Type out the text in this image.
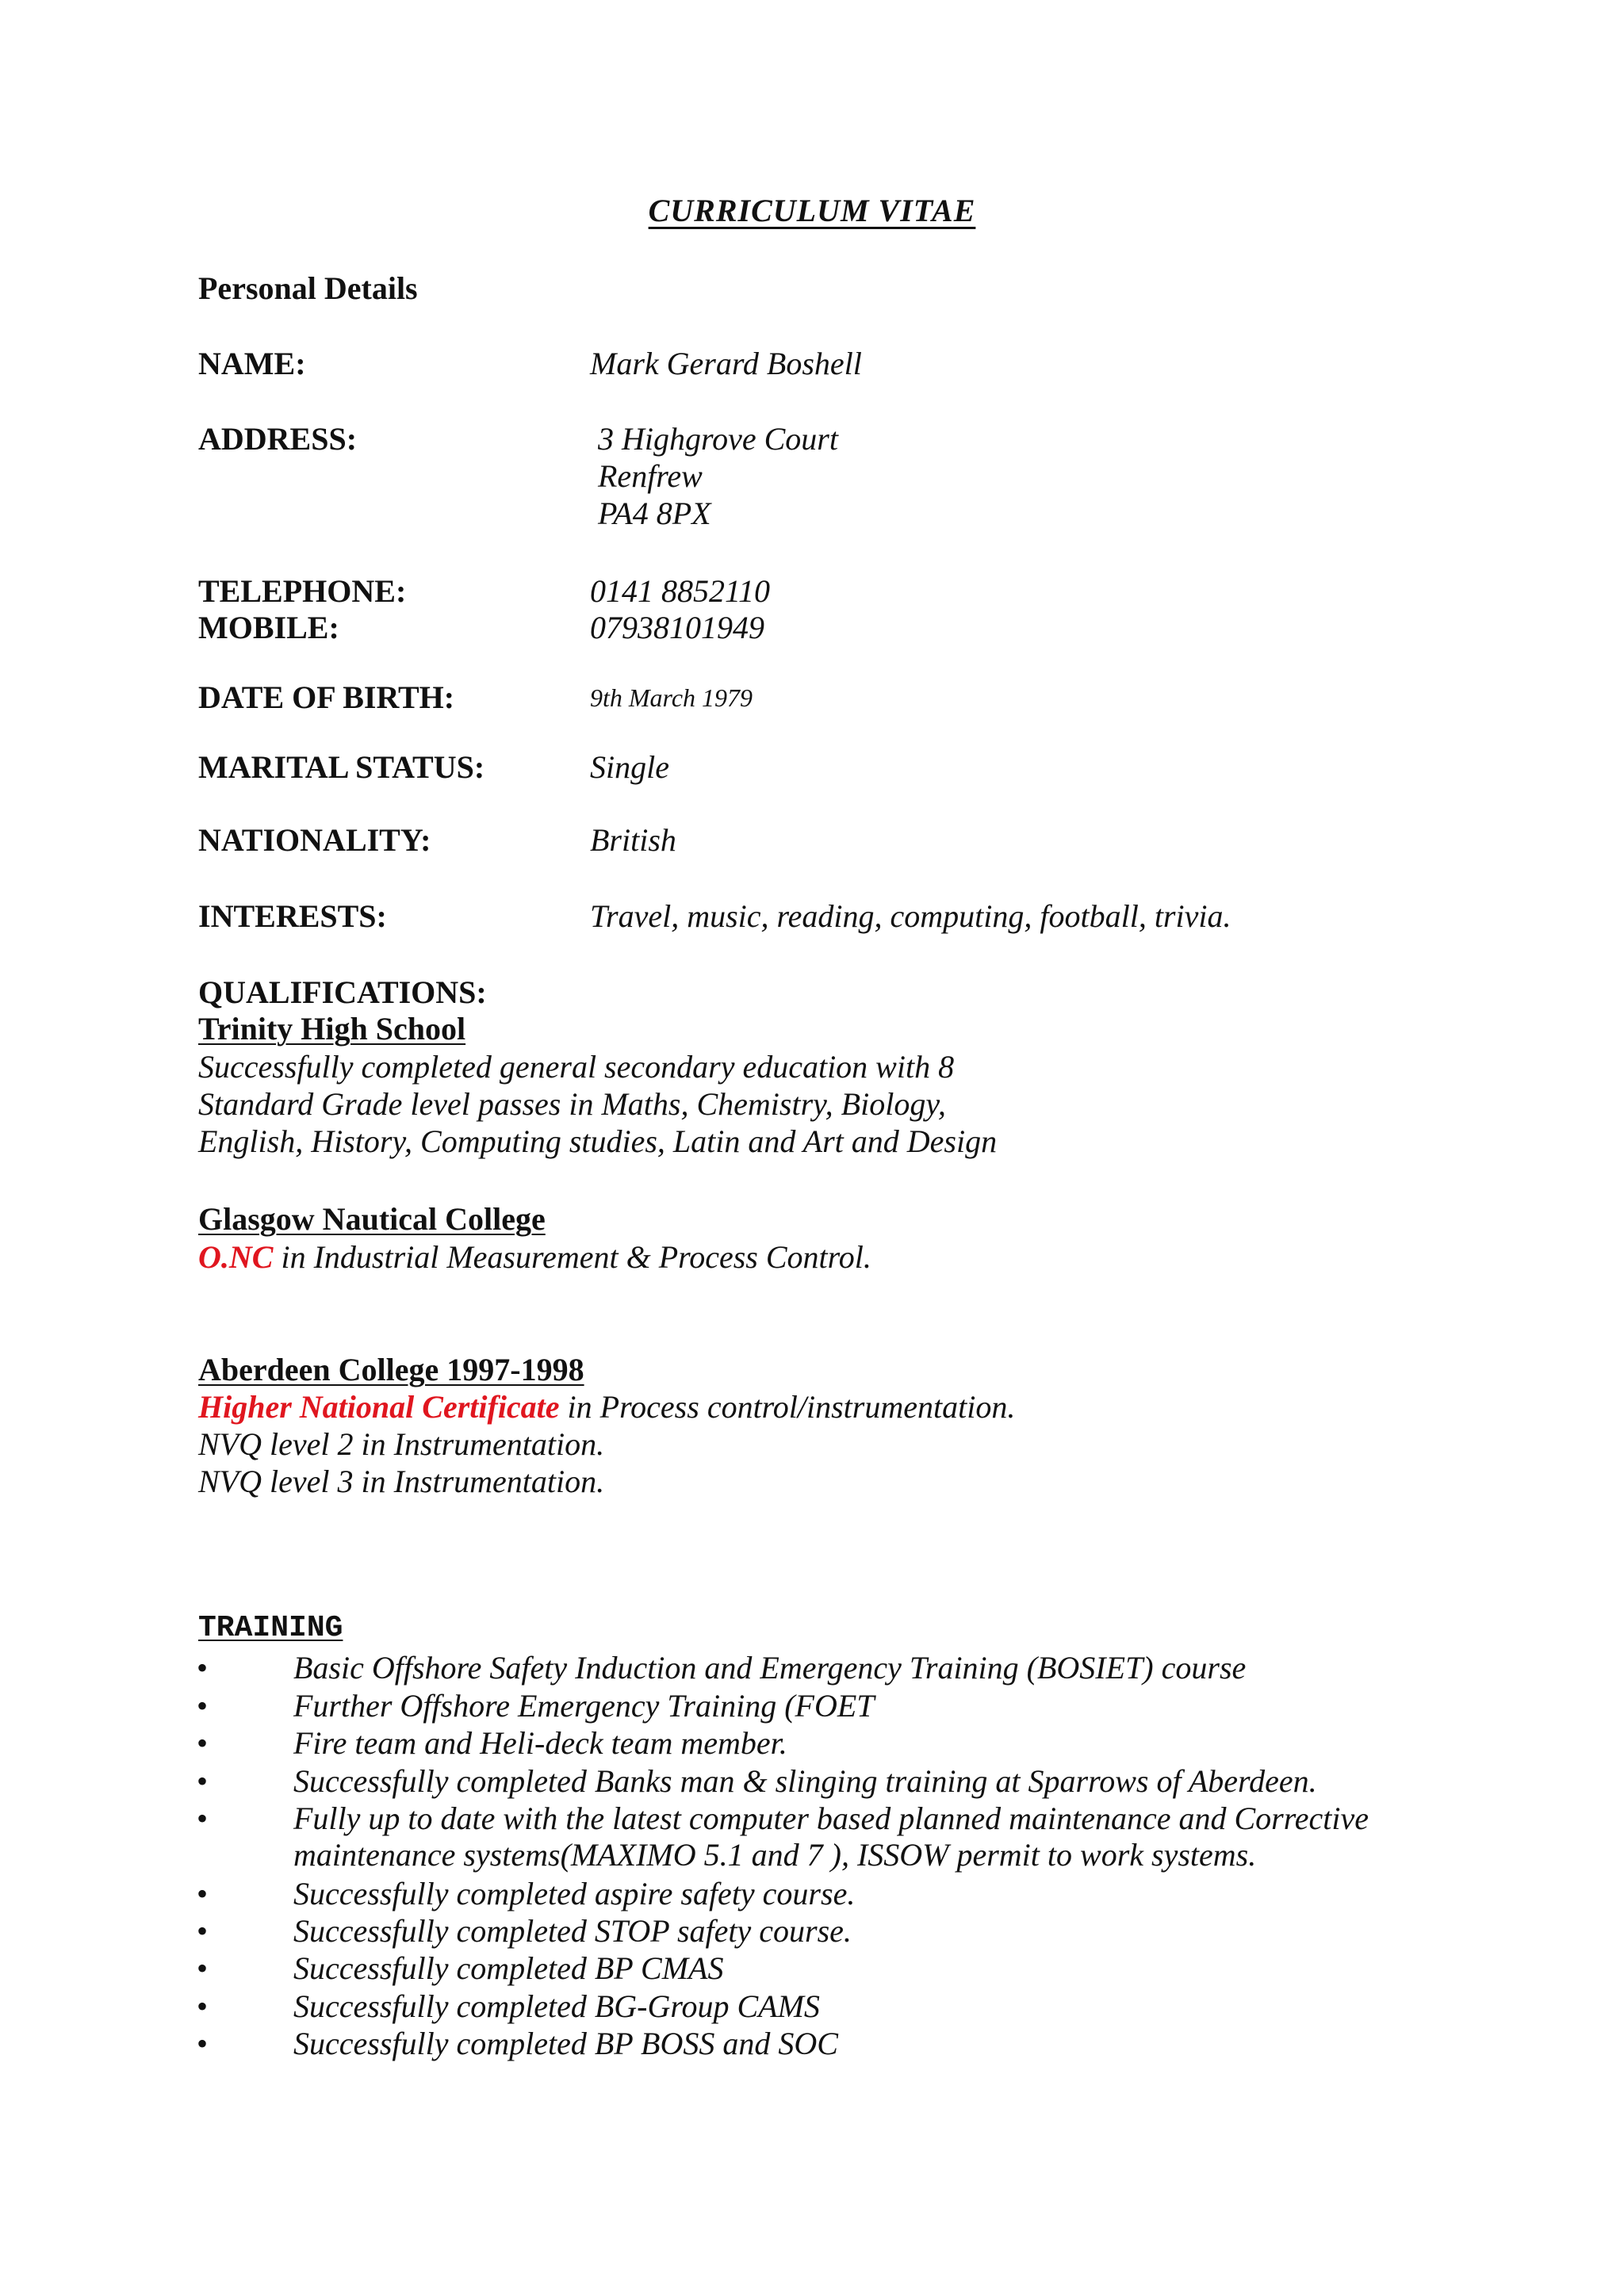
CURRICULUM VITAE
Personal Details
NAME:	Mark Gerard Boshell
ADDRESS:	3 Highgrove Court
Renfrew
PA4 8PX
TELEPHONE:	0141 8852110
MOBILE:	07938101949
DATE OF BIRTH:	9th March 1979
MARITAL STATUS:	Single
NATIONALITY:	British
INTERESTS:	Travel, music, reading, computing, football, trivia.
QUALIFICATIONS:
Trinity High School
Successfully completed general secondary education with 8
Standard Grade level passes in Maths, Chemistry, Biology,
English, History, Computing studies, Latin and Art and Design
Glasgow Nautical College
O.NC in Industrial Measurement & Process Control.
Aberdeen College 1997-1998
Higher National Certificate in Process control/instrumentation.
NVQ level 2 in Instrumentation.
NVQ level 3 in Instrumentation.
TRAINING
•	Basic Offshore Safety Induction and Emergency Training (BOSIET) course
•	Further Offshore Emergency Training (FOET
•	Fire team and Heli-deck team member.
•	Successfully completed Banks man & slinging training at Sparrows of Aberdeen.
•	Fully up to date with the latest computer based planned maintenance and Corrective
maintenance systems(MAXIMO 5.1 and 7 ), ISSOW permit to work systems.
•	Successfully completed aspire safety course.
•	Successfully completed STOP safety course.
•	Successfully completed BP CMAS
•	Successfully completed BG-Group CAMS
•	Successfully completed BP BOSS and SOC
